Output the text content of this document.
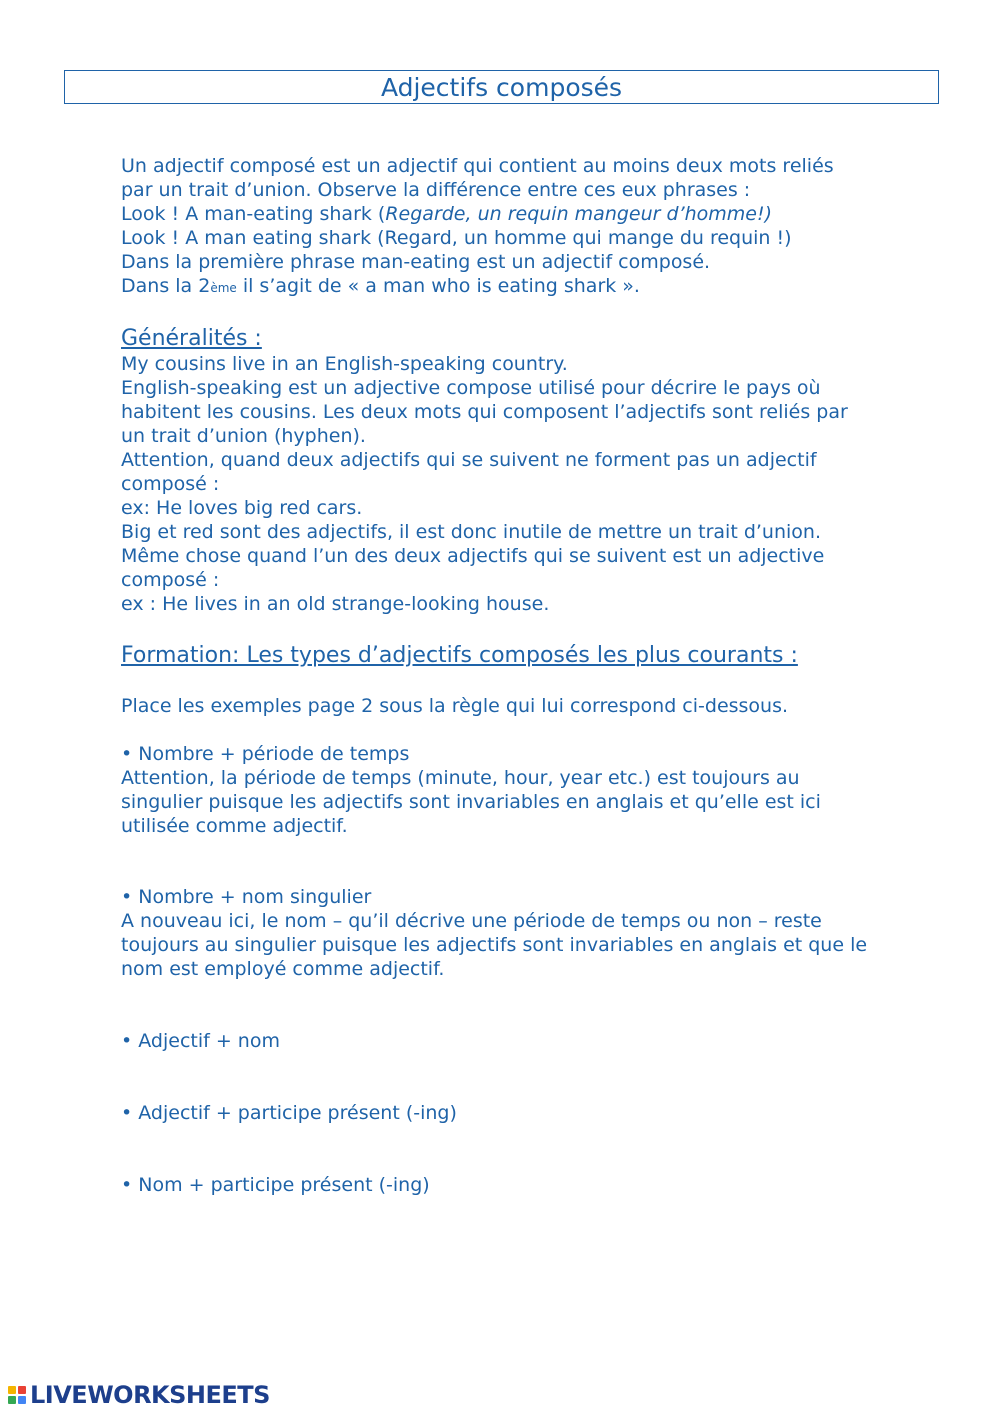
Adjectifs composés
Un adjectif composé est un adjectif qui contient au moins deux mots reliés
par un trait d’union. Observe la différence entre ces eux phrases :
Look ! A man-eating shark (Regarde, un requin mangeur d’homme!)
Look ! A man eating shark (Regard, un homme qui mange du requin !)
Dans la première phrase man-eating est un adjectif composé.
Dans la 2ème il s’agit de « a man who is eating shark ».
Généralités :
My cousins live in an English-speaking country.
English-speaking est un adjective compose utilisé pour décrire le pays où
habitent les cousins. Les deux mots qui composent l’adjectifs sont reliés par
un trait d’union (hyphen).
Attention, quand deux adjectifs qui se suivent ne forment pas un adjectif
composé :
ex: He loves big red cars.
Big et red sont des adjectifs, il est donc inutile de mettre un trait d’union.
Même chose quand l’un des deux adjectifs qui se suivent est un adjective
composé :
ex : He lives in an old strange-looking house.
Formation: Les types d’adjectifs composés les plus courants :
Place les exemples page 2 sous la règle qui lui correspond ci-dessous.
• Nombre + période de temps
Attention, la période de temps (minute, hour, year etc.) est toujours au
singulier puisque les adjectifs sont invariables en anglais et qu’elle est ici
utilisée comme adjectif.
• Nombre + nom singulier
A nouveau ici, le nom – qu’il décrive une période de temps ou non – reste
toujours au singulier puisque les adjectifs sont invariables en anglais et que le
nom est employé comme adjectif.
• Adjectif + nom
• Adjectif + participe présent (-ing)
• Nom + participe présent (-ing)
LIVEWORKSHEETS
